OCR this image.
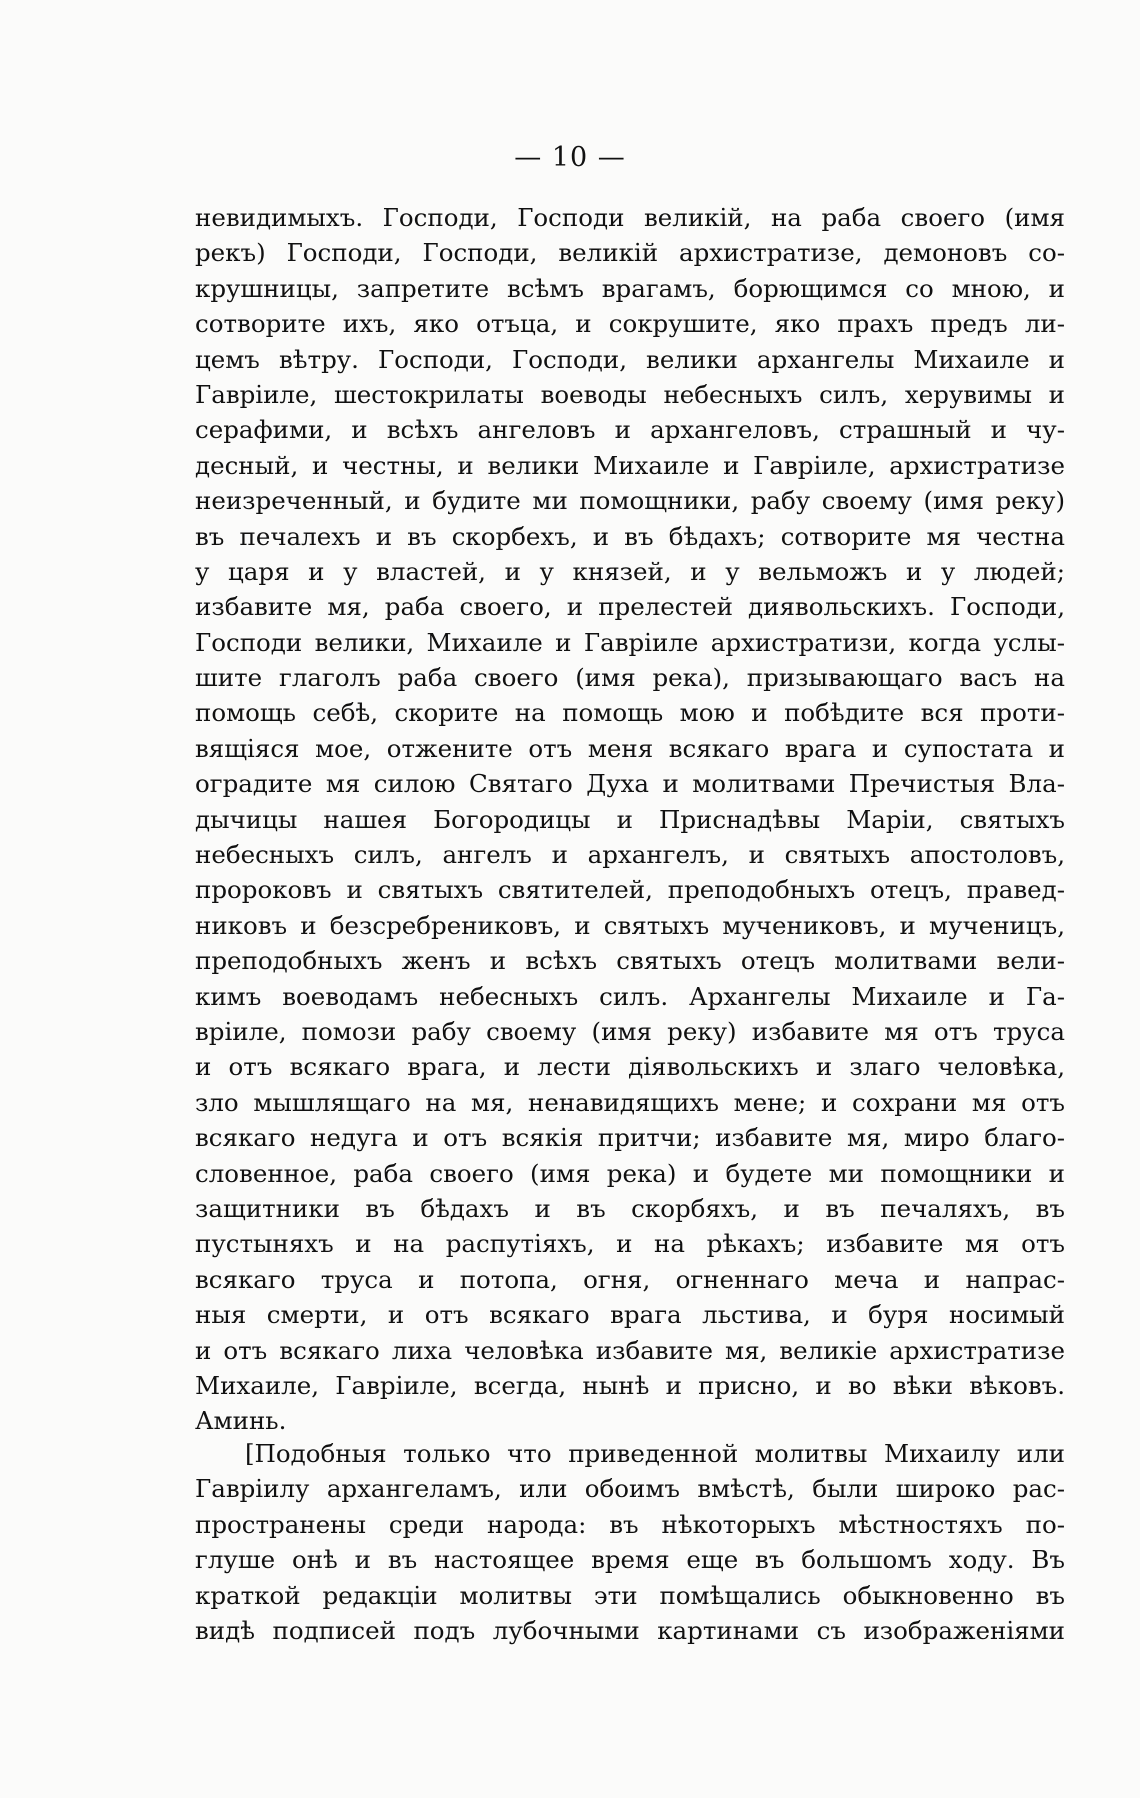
— 10 —
невидимыхъ. Господи, Господи великій, на раба своего (имя
рекъ) Господи, Господи, великій архистратизе, демоновъ со-
крушницы, запретите всѣмъ врагамъ, борющимся со мною, и
сотворите ихъ, яко отъца, и сокрушите, яко прахъ предъ ли-
цемъ вѣтру. Господи, Господи, велики архангелы Михаиле и
Гавріиле, шестокрилаты воеводы небесныхъ силъ, херувимы и
серафими, и всѣхъ ангеловъ и архангеловъ, страшный и чу-
десный, и честны, и велики Михаиле и Гавріиле, архистратизе
неизреченный, и будите ми помощники, рабу своему (имя реку)
въ печалехъ и въ скорбехъ, и въ бѣдахъ; сотворите мя честна
у царя и у властей, и у князей, и у вельможъ и у людей;
избавите мя, раба своего, и прелестей диявольскихъ. Господи,
Господи велики, Михаиле и Гавріиле архистратизи, когда услы-
шите глаголъ раба своего (имя река), призывающаго васъ на
помощь себѣ, скорите на помощь мою и побѣдите вся проти-
вящіяся мое, отжените отъ меня всякаго врага и супостата и
оградите мя силою Святаго Духа и молитвами Пречистыя Вла-
дычицы нашея Богородицы и Приснадѣвы Маріи, святыхъ
небесныхъ силъ, ангелъ и архангелъ, и святыхъ апостоловъ,
пророковъ и святыхъ святителей, преподобныхъ отецъ, правед-
никовъ и безсребрениковъ, и святыхъ мучениковъ, и мученицъ,
преподобныхъ женъ и всѣхъ святыхъ отецъ молитвами вели-
кимъ воеводамъ небесныхъ силъ. Архангелы Михаиле и Га-
вріиле, помози рабу своему (имя реку) избавите мя отъ труса
и отъ всякаго врага, и лести діявольскихъ и злаго человѣка,
зло мышлящаго на мя, ненавидящихъ мене; и сохрани мя отъ
всякаго недуга и отъ всякія притчи; избавите мя, миро благо-
словенное, раба своего (имя река) и будете ми помощники и
защитники въ бѣдахъ и въ скорбяхъ, и въ печаляхъ, въ
пустыняхъ и на распутіяхъ, и на рѣкахъ; избавите мя отъ
всякаго труса и потопа, огня, огненнаго меча и напрас-
ныя смерти, и отъ всякаго врага льстива, и буря носимый
и отъ всякаго лиха человѣка избавите мя, великіе архистратизе
Михаиле, Гавріиле, всегда, нынѣ и присно, и во вѣки вѣковъ.
Аминь.
[Подобныя только что приведенной молитвы Михаилу или
Гавріилу архангеламъ, или обоимъ вмѣстѣ, были широко рас-
пространены среди народа: въ нѣкоторыхъ мѣстностяхъ по-
глуше онѣ и въ настоящее время еще въ большомъ ходу. Въ
краткой редакціи молитвы эти помѣщались обыкновенно въ
видѣ подписей подъ лубочными картинами съ изображеніями
